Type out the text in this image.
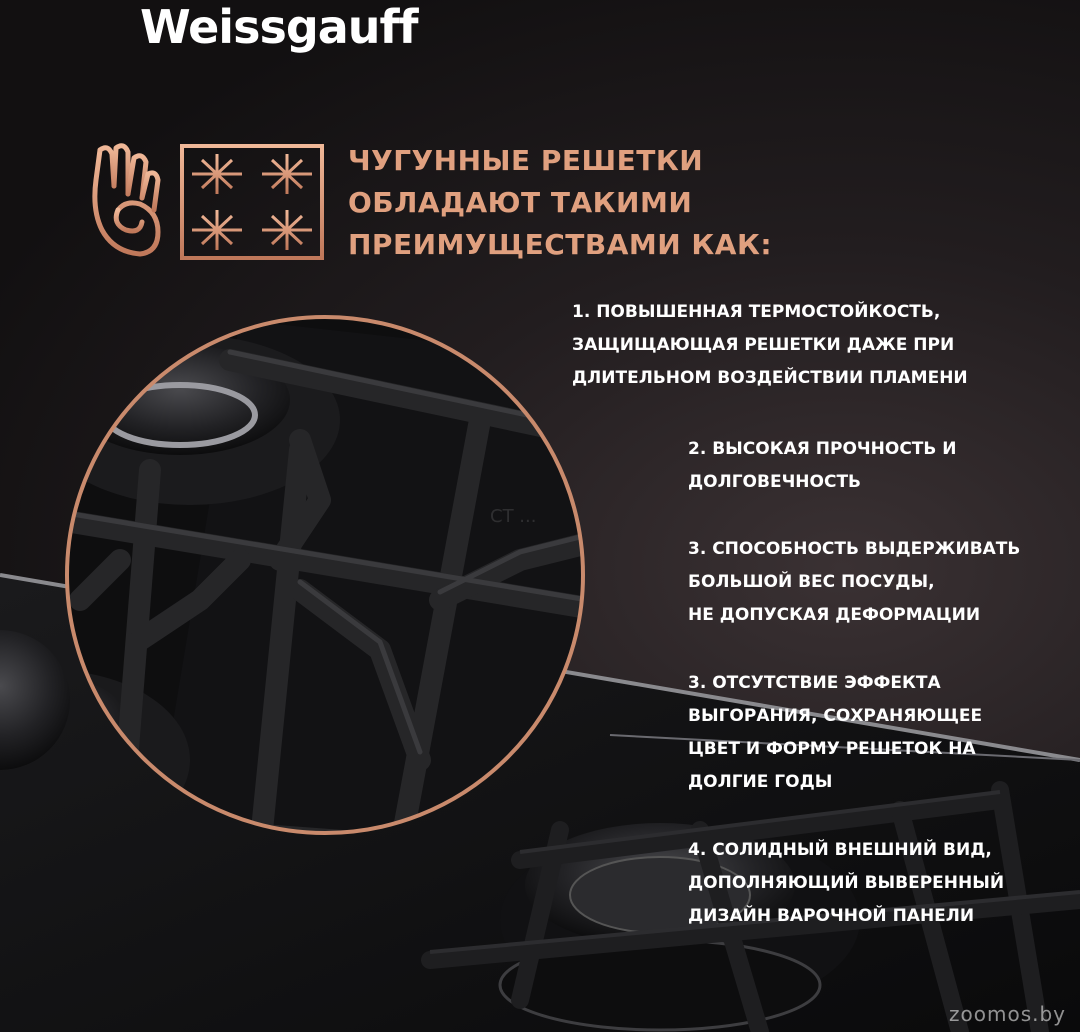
Weissgauff
ЧУГУННЫЕ РЕШЕТКИ
ОБЛАДАЮТ ТАКИМИ
ПРЕИМУЩЕСТВАМИ КАК:
1. ПОВЫШЕННАЯ ТЕРМОСТОЙКОСТЬ,
ЗАЩИЩАЮЩАЯ РЕШЕТКИ ДАЖЕ ПРИ
ДЛИТЕЛЬНОМ ВОЗДЕЙСТВИИ ПЛАМЕНИ
2. ВЫСОКАЯ ПРОЧНОСТЬ И
ДОЛГОВЕЧНОСТЬ
3. СПОСОБНОСТЬ ВЫДЕРЖИВАТЬ
БОЛЬШОЙ ВЕС ПОСУДЫ,
НЕ ДОПУСКАЯ ДЕФОРМАЦИИ
3. ОТСУТСТВИЕ ЭФФЕКТА
ВЫГОРАНИЯ, СОХРАНЯЮЩЕЕ
ЦВЕТ И ФОРМУ РЕШЕТОК НА
ДОЛГИЕ ГОДЫ
4. СОЛИДНЫЙ ВНЕШНИЙ ВИД,
ДОПОЛНЯЮЩИЙ ВЫВЕРЕННЫЙ
ДИЗАЙН ВАРОЧНОЙ ПАНЕЛИ
СТ ...
zoomos.by
